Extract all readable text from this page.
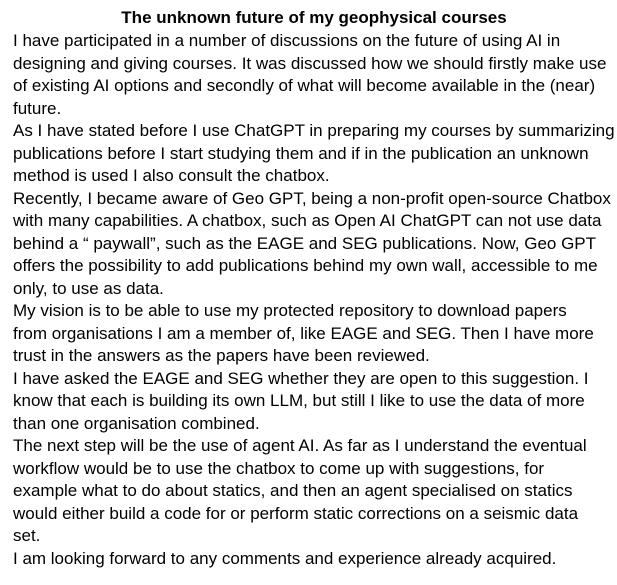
The unknown future of my geophysical courses

I have participated in a number of discussions on the future of using AI in
designing and giving courses. It was discussed how we should firstly make use
of existing AI options and secondly of what will become available in the (near)
future.

As I have stated before I use ChatGPT in preparing my courses by summarizing
publications before I start studying them and if in the publication an unknown
method is used I also consult the chatbox.

Recently, I became aware of Geo GPT, being a non-profit open-source Chatbox
with many capabilities. A chatbox, such as Open AI ChatGPT can not use data
behind a “ paywall”, such as the EAGE and SEG publications. Now, Geo GPT
offers the possibility to add publications behind my own wall, accessible to me
only, to use as data.

My vision is to be able to use my protected repository to download papers
from organisations I am a member of, like EAGE and SEG. Then I have more
trust in the answers as the papers have been reviewed.

I have asked the EAGE and SEG whether they are open to this suggestion. I
know that each is building its own LLM, but still I like to use the data of more
than one organisation combined.

The next step will be the use of agent AI. As far as I understand the eventual
workflow would be to use the chatbox to come up with suggestions, for
example what to do about statics, and then an agent specialised on statics
would either build a code for or perform static corrections on a seismic data
set.

I am looking forward to any comments and experience already acquired.
